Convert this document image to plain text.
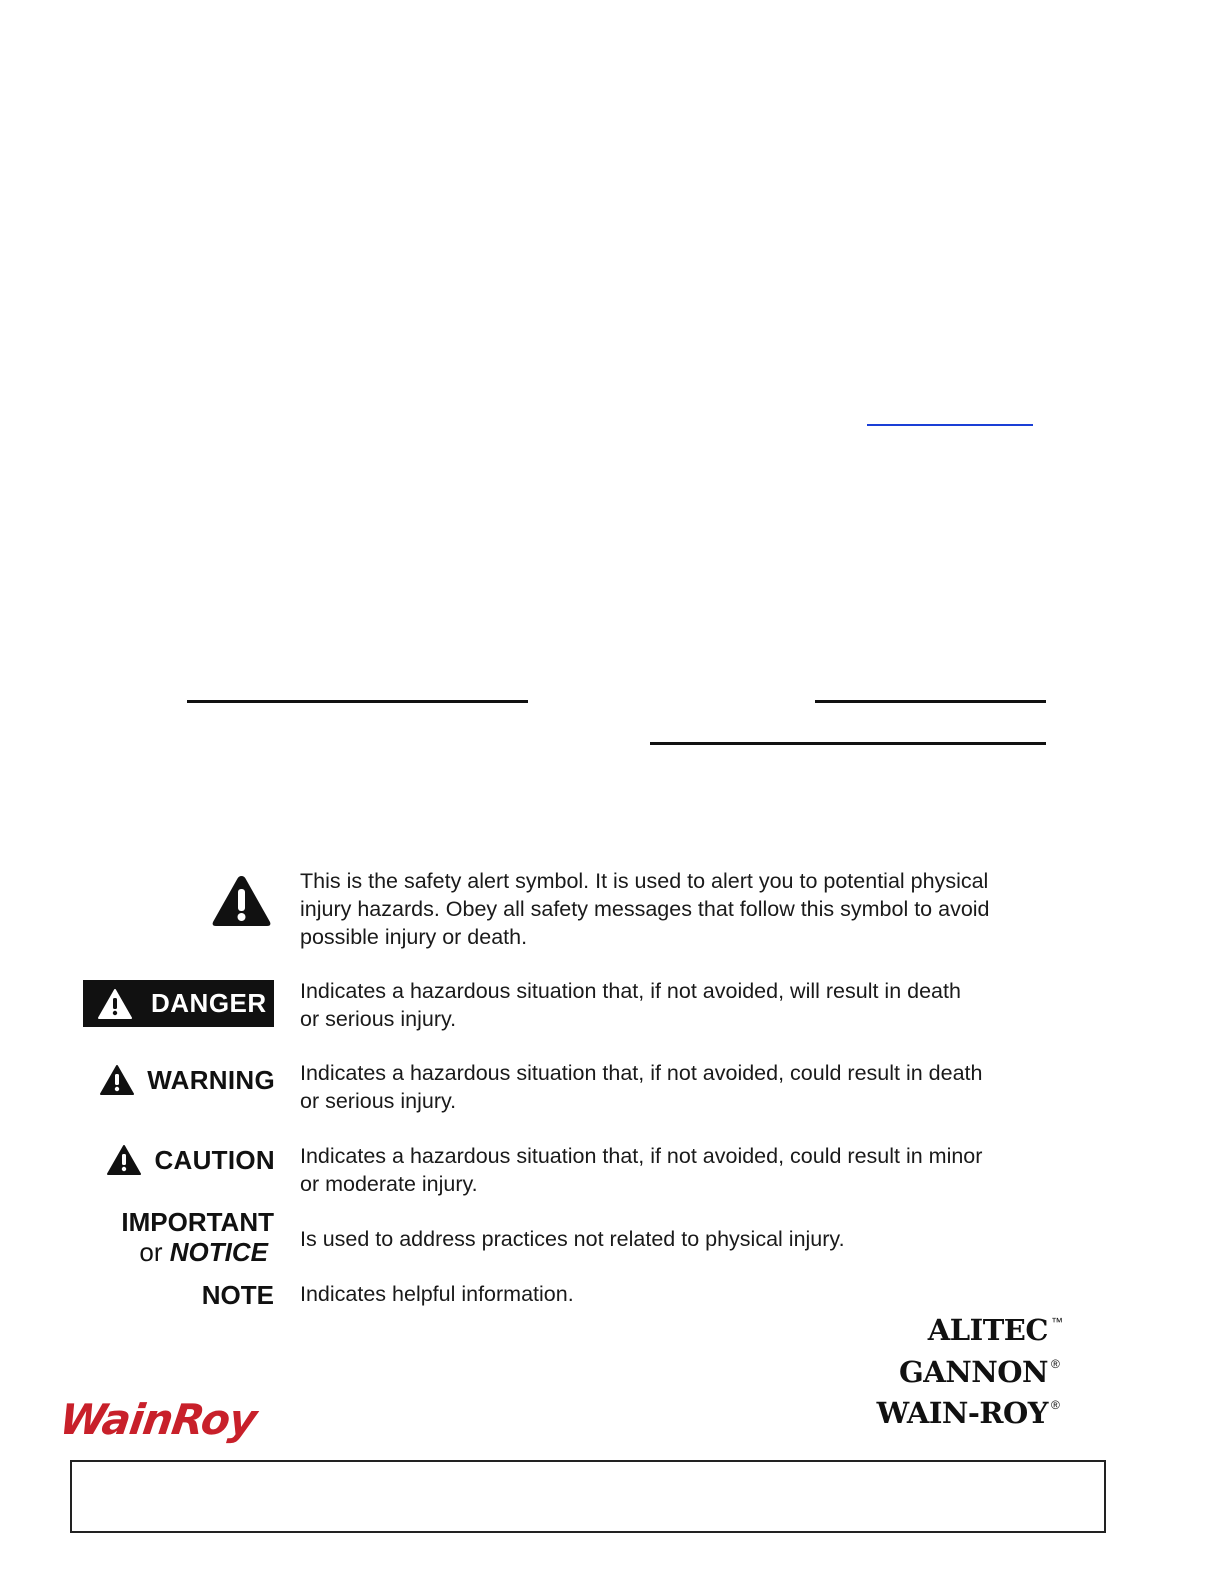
This is the safety alert symbol. It is used to alert you to potential physical
injury hazards. Obey all safety messages that follow this symbol to avoid
possible injury or death.
DANGER Indicates a hazardous situation that, if not avoided, will result in death
or serious injury.
WARNING Indicates a hazardous situation that, if not avoided, could result in death
or serious injury.
CAUTION Indicates a hazardous situation that, if not avoided, could result in minor
or moderate injury.
IMPORTANT
or NOTICE Is used to address practices not related to physical injury.
NOTE Indicates helpful information.
ALITEC ™
GANNON ®
WAIN-ROY ®
WainRoy
